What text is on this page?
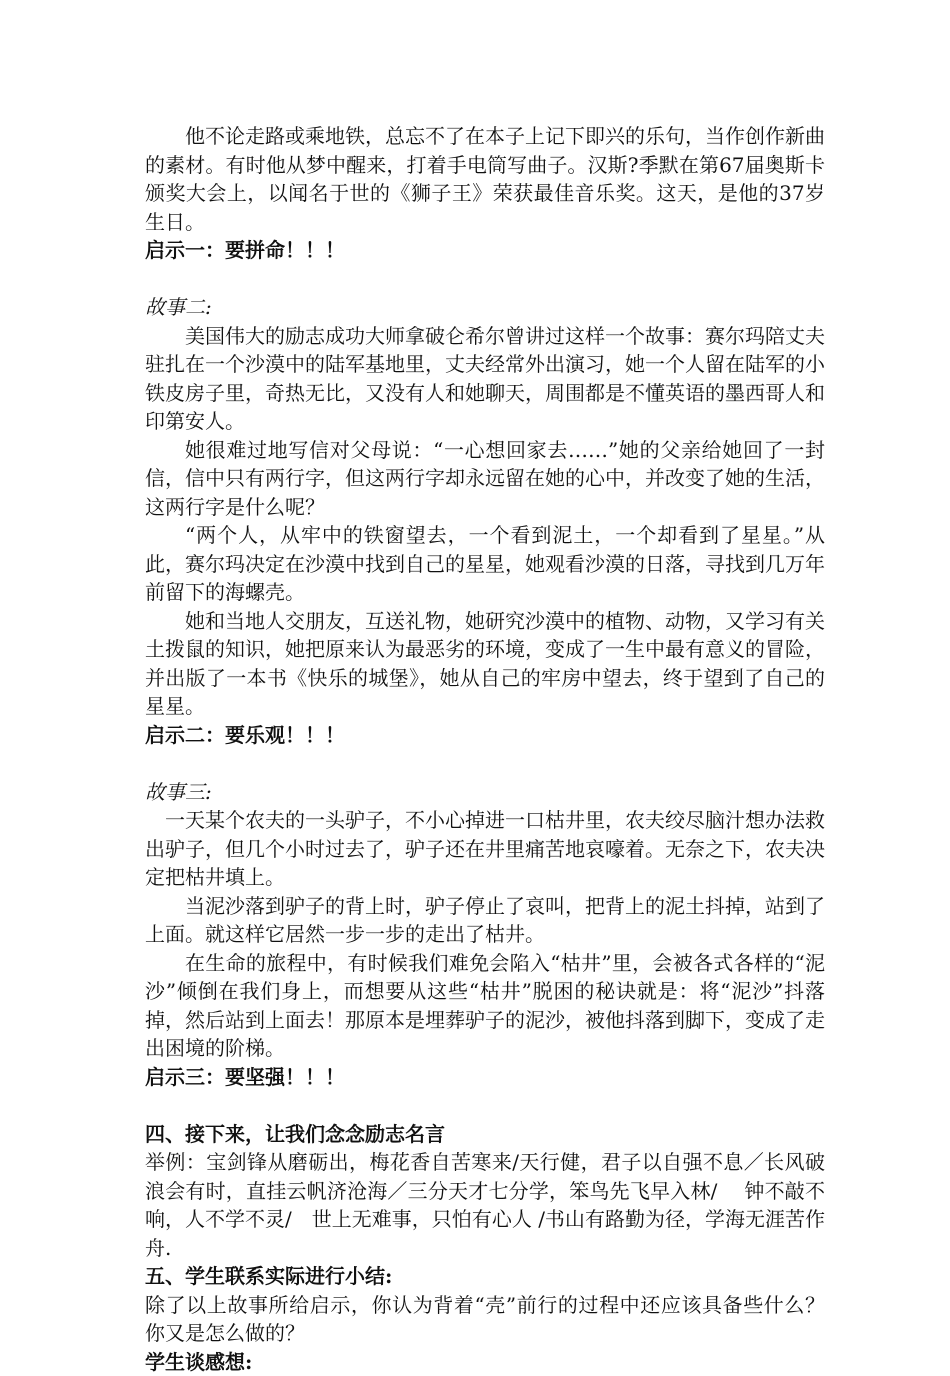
他不论走路或乘地铁，总忘不了在本子上记下即兴的乐句，当作创作新曲的素材。有时他从梦中醒来，打着手电筒写曲子。汉斯?季默在第67届奥斯卡颁奖大会上，以闻名于世的《狮子王》荣获最佳音乐奖。这天，是他的37岁生日。

启示一：要拼命！！！

故事二:

美国伟大的励志成功大师拿破仑希尔曾讲过这样一个故事：赛尔玛陪丈夫驻扎在一个沙漠中的陆军基地里，丈夫经常外出演习，她一个人留在陆军的小铁皮房子里，奇热无比，又没有人和她聊天，周围都是不懂英语的墨西哥人和印第安人。

她很难过地写信对父母说：“一心想回家去……”她的父亲给她回了一封信，信中只有两行字，但这两行字却永远留在她的心中，并改变了她的生活，这两行字是什么呢？

“两个人，从牢中的铁窗望去，一个看到泥土，一个却看到了星星。”从此，赛尔玛决定在沙漠中找到自己的星星，她观看沙漠的日落，寻找到几万年前留下的海螺壳。

她和当地人交朋友，互送礼物，她研究沙漠中的植物、动物，又学习有关土拨鼠的知识，她把原来认为最恶劣的环境，变成了一生中最有意义的冒险，并出版了一本书《快乐的城堡》，她从自己的牢房中望去，终于望到了自己的星星。

启示二：要乐观！！！

故事三:

一天某个农夫的一头驴子，不小心掉进一口枯井里，农夫绞尽脑汁想办法救出驴子，但几个小时过去了，驴子还在井里痛苦地哀嚎着。无奈之下，农夫决定把枯井填上。

当泥沙落到驴子的背上时，驴子停止了哀叫，把背上的泥土抖掉，站到了上面。就这样它居然一步一步的走出了枯井。

在生命的旅程中，有时候我们难免会陷入“枯井”里，会被各式各样的“泥沙”倾倒在我们身上，而想要从这些“枯井”脱困的秘诀就是：将“泥沙”抖落掉，然后站到上面去！那原本是埋葬驴子的泥沙，被他抖落到脚下，变成了走出困境的阶梯。

启示三：要坚强！！！

四、接下来，让我们念念励志名言

举例：宝剑锋从磨砺出，梅花香自苦寒来/天行健，君子以自强不息／长风破浪会有时，直挂云帆济沧海／三分天才七分学，笨鸟先飞早入林/　 钟不敲不响，人不学不灵/　世上无难事，只怕有心人 /书山有路勤为径，学海无涯苦作舟.

五、学生联系实际进行小结:

除了以上故事所给启示，你认为背着“壳”前行的过程中还应该具备些什么？你又是怎么做的？

学生谈感想:
